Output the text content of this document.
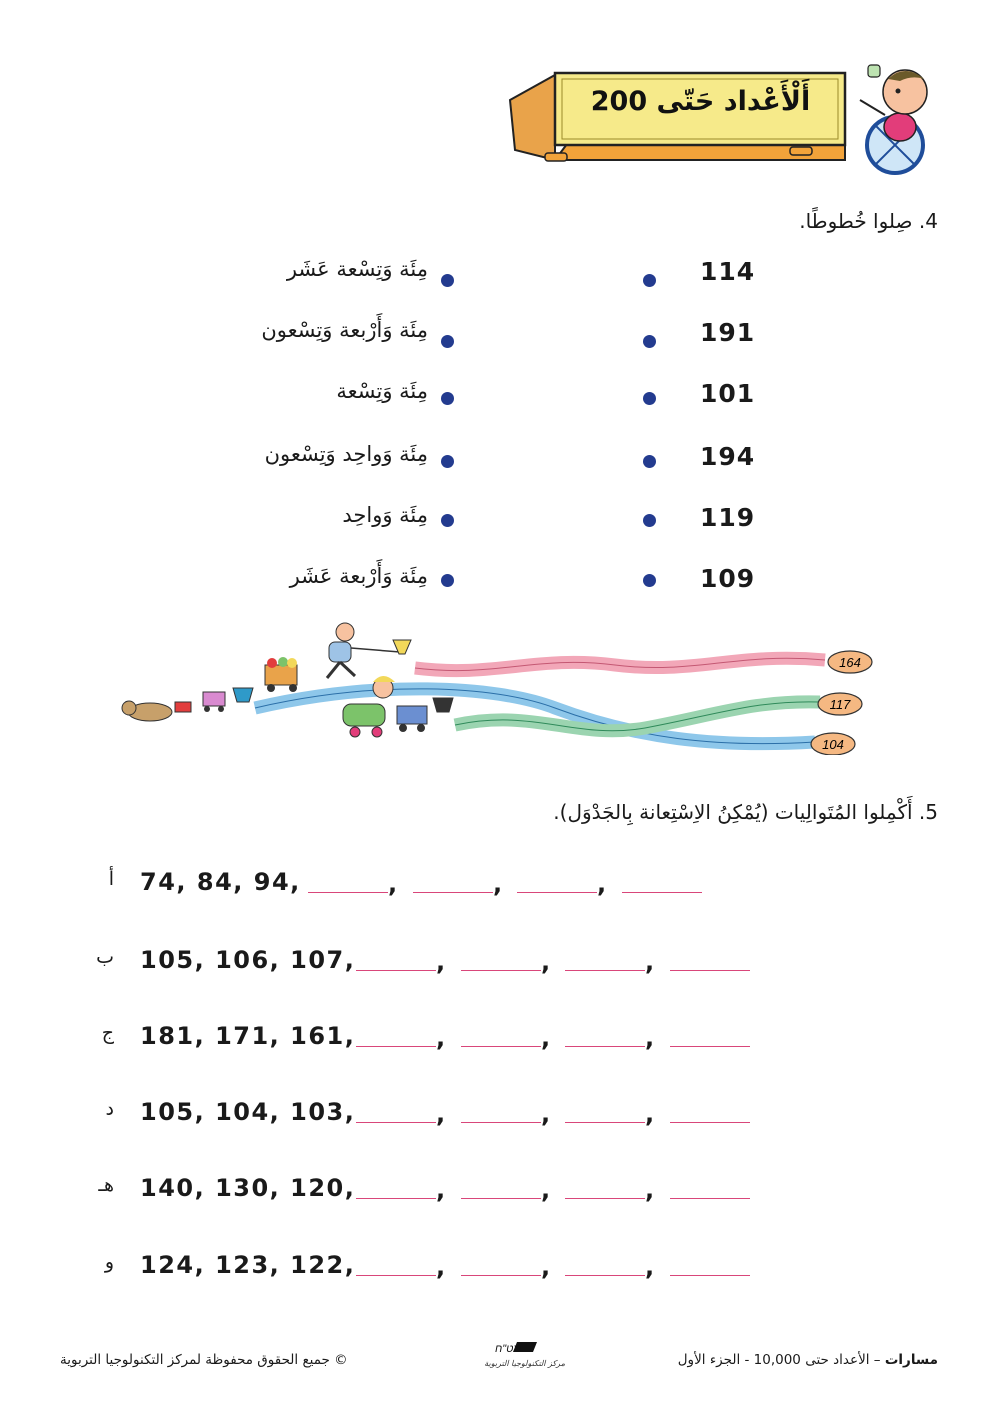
أَلْأَعْداد حَتّى 200
4. صِلوا خُطوطًا.
114
مِئَة وَتِسْعة عَشَر
191
مِئَة وَأَرْبعة وَتِسْعون
101
مِئَة وَتِسْعة
194
مِئَة وَواحِد وَتِسْعون
119
مِئَة وَواحِد
109
مِئَة وَأَرْبعة عَشَر
164
117
104
5. أَكْمِلوا المُتَوالِيات (يُمْكِنُ الاِسْتِعانة بِالجَدْوَل).
أ 74, 84, 94,	,	,	,
ب 105, 106, 107,	,	,	,
ج 181, 171, 161,	,	,	,
د 105, 104, 103,	,	,	,
هـ 140, 130, 120,	,	,	,
و 124, 123, 122,	,	,	,
© جميع الحقوق محفوظة لمركز التكنولوجيا التربوية
מט"ח
مركز التكنولوجيا التربوية	مسارات – الأعداد حتى 10,000 - الجزء الأول
